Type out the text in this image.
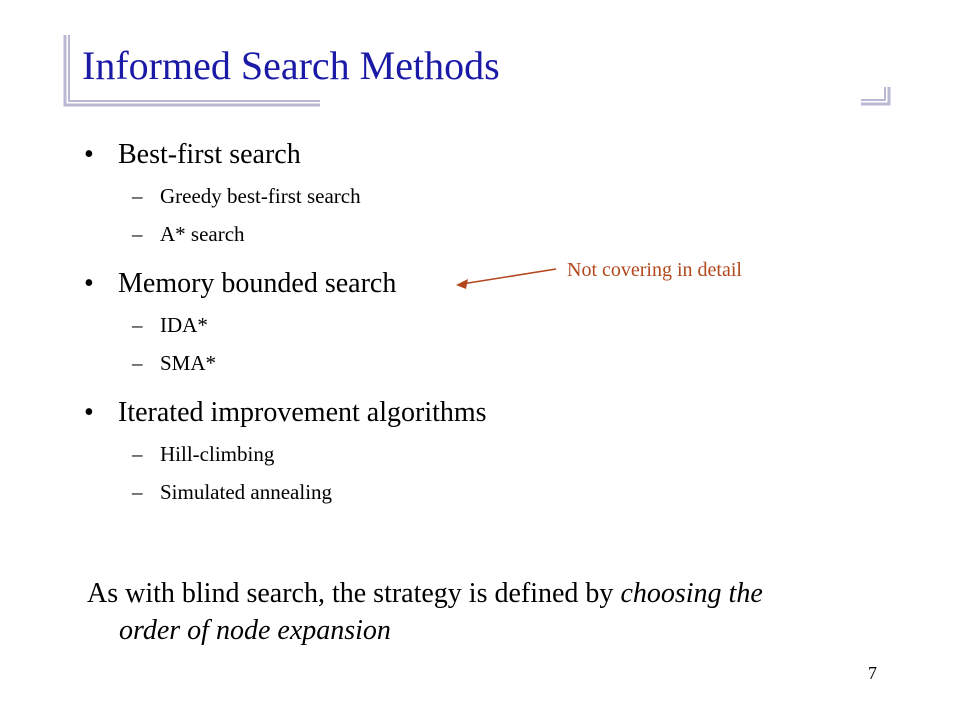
Informed Search Methods
• Best-first search
– Greedy best-first search
– A* search
• Memory bounded search
– IDA*
– SMA*
• Iterated improvement algorithms
– Hill-climbing
– Simulated annealing
Not covering in detail
As with blind search, the strategy is defined by choosing the
order of node expansion
7
